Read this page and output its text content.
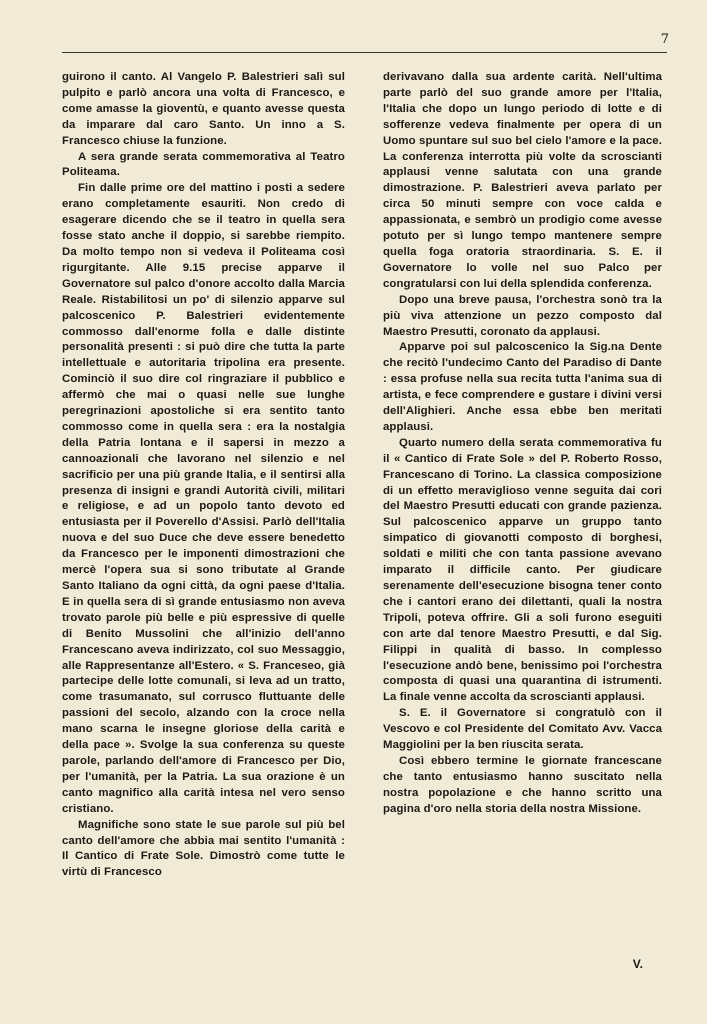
7

guirono il canto. Al Vangelo P. Balestrieri salì sul pulpito e parlò ancora una volta di Francesco, e come amasse la gioventù, e quanto avesse questa da imparare dal caro Santo. Un inno a S. Francesco chiuse la funzione.

A sera grande serata commemorativa al Teatro Politeama.

Fin dalle prime ore del mattino i posti a sedere erano completamente esauriti. Non credo di esagerare dicendo che se il teatro in quella sera fosse stato anche il doppio, si sarebbe riempito. Da molto tempo non si vedeva il Politeama così rigurgitante. Alle 9.15 precise apparve il Governatore sul palco d'onore accolto dalla Marcia Reale. Ristabilitosi un po' di silenzio apparve sul palcoscenico P. Balestrieri evidentemente commosso dall'enorme folla e dalle distinte personalità presenti : si può dire che tutta la parte intellettuale e autoritaria tripolina era presente. Cominciò il suo dire col ringraziare il pubblico e affermò che mai o quasi nelle sue lunghe peregrinazioni apostoliche si era sentito tanto commosso come in quella sera : era la nostalgia della Patria lontana e il sapersi in mezzo a cannoazionali che lavorano nel silenzio e nel sacrificio per una più grande Italia, e il sentirsi alla presenza di insigni e grandi Autorità civili, militari e religiose, e ad un popolo tanto devoto ed entusiasta per il Poverello d'Assisi. Parlò dell'Italia nuova e del suo Duce che deve essere benedetto da Francesco per le imponenti dimostrazioni che mercè l'opera sua si sono tributate al Grande Santo Italiano da ogni città, da ogni paese d'Italia. E in quella sera di sì grande entusiasmo non aveva trovato parole più belle e più espressive di quelle di Benito Mussolini che all'inizio dell'anno Francescano aveva indirizzato, col suo Messaggio, alle Rappresentanze all'Estero. « S. Franceseo, già partecipe delle lotte comunali, si leva ad un tratto, come trasumanato, sul corrusco fluttuante delle passioni del secolo, alzando con la croce nella mano scarna le insegne gloriose della carità e della pace ». Svolge la sua conferenza su queste parole, parlando dell'amore di Francesco per Dio, per l'umanità, per la Patria. La sua orazione è un canto magnifico alla carità intesa nel vero senso cristiano.

Magnifiche sono state le sue parole sul più bel canto dell'amore che abbia mai sentito l'umanità : Il Cantico di Frate Sole. Dimostrò come tutte le virtù di Francesco

derivavano dalla sua ardente carità. Nell'ultima parte parlò del suo grande amore per l'Italia, l'Italia che dopo un lungo periodo di lotte e di sofferenze vedeva finalmente per opera di un Uomo spuntare sul suo bel cielo l'amore e la pace. La conferenza interrotta più volte da scroscianti applausi venne salutata con una grande dimostrazione. P. Balestrieri aveva parlato per circa 50 minuti sempre con voce calda e appassionata, e sembrò un prodigio come avesse potuto per sì lungo tempo mantenere sempre quella foga oratoria straordinaria. S. E. il Governatore lo volle nel suo Palco per congratularsi con lui della splendida conferenza.

Dopo una breve pausa, l'orchestra sonò tra la più viva attenzione un pezzo composto dal Maestro Presutti, coronato da applausi.

Apparve poi sul palcoscenico la Sig.na Dente che recitò l'undecimo Canto del Paradiso di Dante : essa profuse nella sua recita tutta l'anima sua di artista, e fece comprendere e gustare i divini versi dell'Alighieri. Anche essa ebbe ben meritati applausi.

Quarto numero della serata commemorativa fu il « Cantico di Frate Sole » del P. Roberto Rosso, Francescano di Torino. La classica composizione di un effetto meraviglioso venne seguita dai cori del Maestro Presutti educati con grande pazienza. Sul palcoscenico apparve un gruppo tanto simpatico di giovanotti composto di borghesi, soldati e militi che con tanta passione avevano imparato il difficile canto. Per giudicare serenamente dell'esecuzione bisogna tener conto che i cantori erano dei dilettanti, quali la nostra Tripoli, poteva offrire. Gli a soli furono eseguiti con arte dal tenore Maestro Presutti, e dal Sig. Filippi in qualità di basso. In complesso l'esecuzione andò bene, benissimo poi l'orchestra composta di quasi una quarantina di istrumenti. La finale venne accolta da scroscianti applausi.

S. E. il Governatore si congratulò con il Vescovo e col Presidente del Comitato Avv. Vacca Maggiolini per la ben riuscita serata.

Così ebbero termine le giornate francescane che tanto entusiasmo hanno suscitato nella nostra popolazione e che hanno scritto una pagina d'oro nella storia della nostra Missione.

V.
